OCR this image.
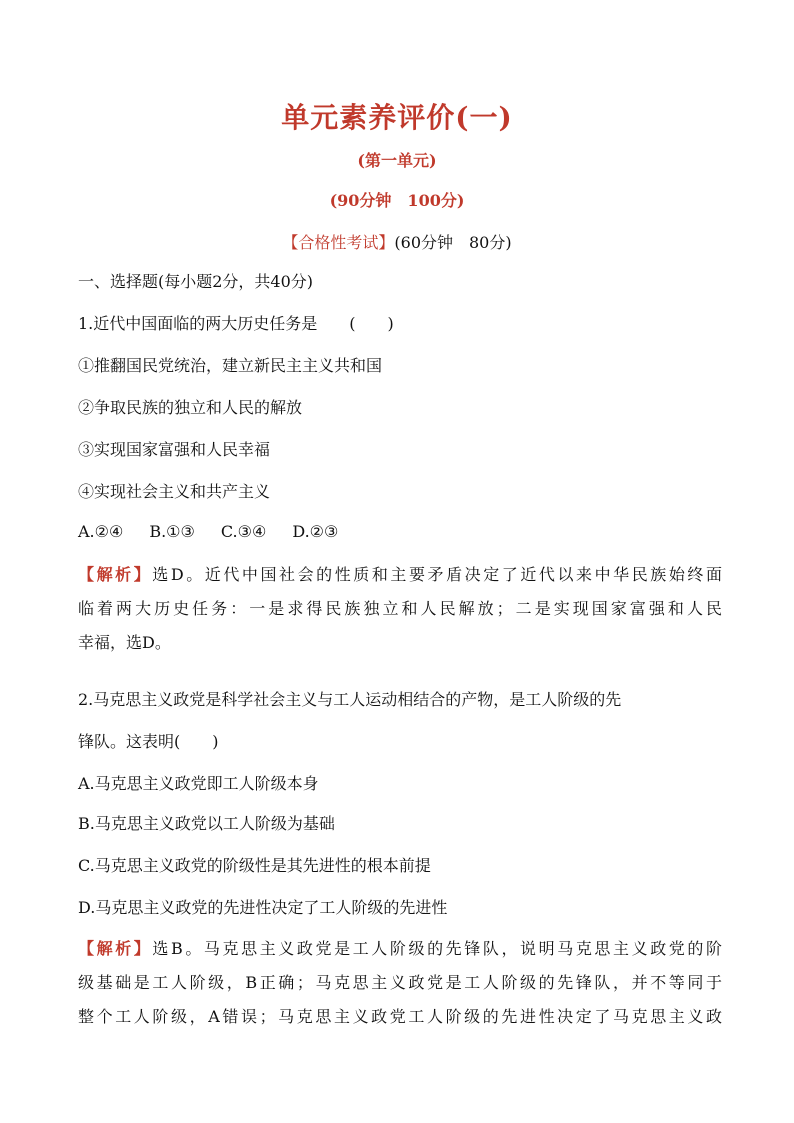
单元素养评价(一)
(第一单元)
(90分钟　100分)
【合格性考试】(60分钟　80分)
一、选择题(每小题2分，共40分)
1.近代中国面临的两大历史任务是　　(　　)
①推翻国民党统治，建立新民主主义共和国
②争取民族的独立和人民的解放
③实现国家富强和人民幸福
④实现社会主义和共产主义
A.②④ B.①③ C.③④ D.②③
【解析】选D。近代中国社会的性质和主要矛盾决定了近代以来中华民族始终面
临着两大历史任务：一是求得民族独立和人民解放；二是实现国家富强和人民
幸福，选D。
2.马克思主义政党是科学社会主义与工人运动相结合的产物，是工人阶级的先
锋队。这表明(　　)
A.马克思主义政党即工人阶级本身
B.马克思主义政党以工人阶级为基础
C.马克思主义政党的阶级性是其先进性的根本前提
D.马克思主义政党的先进性决定了工人阶级的先进性
【解析】选B。马克思主义政党是工人阶级的先锋队，说明马克思主义政党的阶
级基础是工人阶级，B正确；马克思主义政党是工人阶级的先锋队，并不等同于
整个工人阶级，A错误；马克思主义政党工人阶级的先进性决定了马克思主义政
